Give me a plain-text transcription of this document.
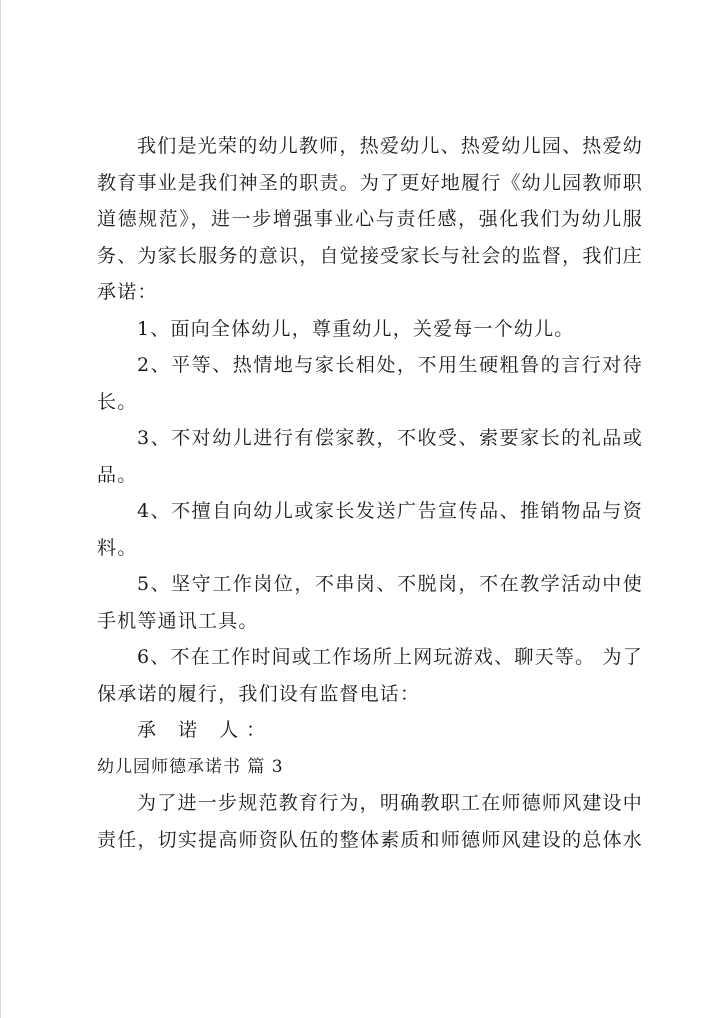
我们是光荣的幼儿教师，热爱幼儿、热爱幼儿园、热爱幼
教育事业是我们神圣的职责。为了更好地履行《幼儿园教师职
道德规范》，进一步增强事业心与责任感，强化我们为幼儿服
务、为家长服务的意识，自觉接受家长与社会的监督，我们庄
承诺：
1、面向全体幼儿，尊重幼儿，关爱每一个幼儿。
2、平等、热情地与家长相处，不用生硬粗鲁的言行对待
长。
3、不对幼儿进行有偿家教，不收受、索要家长的礼品或
品。
4、不擅自向幼儿或家长发送广告宣传品、推销物品与资
料。
5、坚守工作岗位，不串岗、不脱岗，不在教学活动中使
手机等通讯工具。
6、不在工作时间或工作场所上网玩游戏、聊天等。 为了
保承诺的履行，我们设有监督电话：
承 诺 人：
幼儿园师德承诺书 篇 3
为了进一步规范教育行为，明确教职工在师德师风建设中
责任，切实提高师资队伍的整体素质和师德师风建设的总体水
